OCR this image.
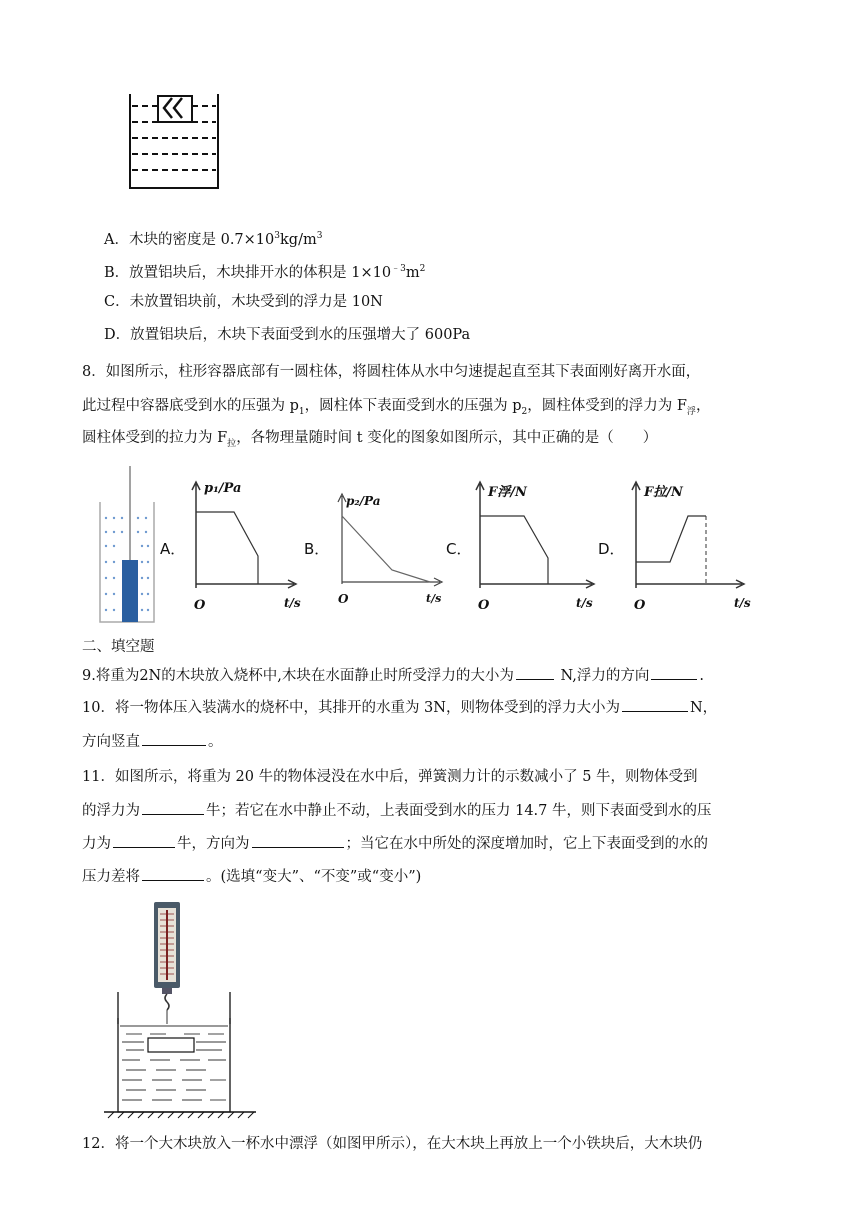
A．木块的密度是 $0.7\times 10^3kg/m^3$
B．放置铝块后，木块排开水的体积是 $1\times 10^{﹣3}m^2$
C．未放置铝块前，木块受到的浮力是 10N
D．放置铝块后，木块下表面受到水的压强增大了 600Pa
8．如图所示，柱形容器底部有一圆柱体，将圆柱体从水中匀速提起直至其下表面刚好离开水面，
此过程中容器底受到水的压强为 $p_1$，圆柱体下表面受到水的压强为 $p_2$，圆柱体受到的浮力为 $F_浮$，
圆柱体受到的拉力为 $F_拉$，各物理量随时间 t 变化的图象如图所示，其中正确的是（　　）
A．
p₁/Pa
O	t/s
B．
p₂/Pa
O	t/s
C．
F浮/N
O	t/s
D．
F拉/N
O	t/s
二、填空题
9.将重为2N的木块放入烧杯中,木块在水面静止时所受浮力的大小为	N,浮力的方向	.
10．将一物体压入装满水的烧杯中，其排开的水重为 3N，则物体受到的浮力大小为	N，
方向竖直	。
11．如图所示，将重为 20 牛的物体浸没在水中后，弹簧测力计的示数减小了 5 牛，则物体受到
的浮力为	牛；若它在水中静止不动，上表面受到水的压力 14.7 牛，则下表面受到水的压
力为	牛，方向为	；当它在水中所处的深度增加时，它上下表面受到的水的
压力差将	。(选填“变大”、“不变”或“变小”)
12．将一个大木块放入一杯水中漂浮（如图甲所示），在大木块上再放上一个小铁块后，大木块仍
